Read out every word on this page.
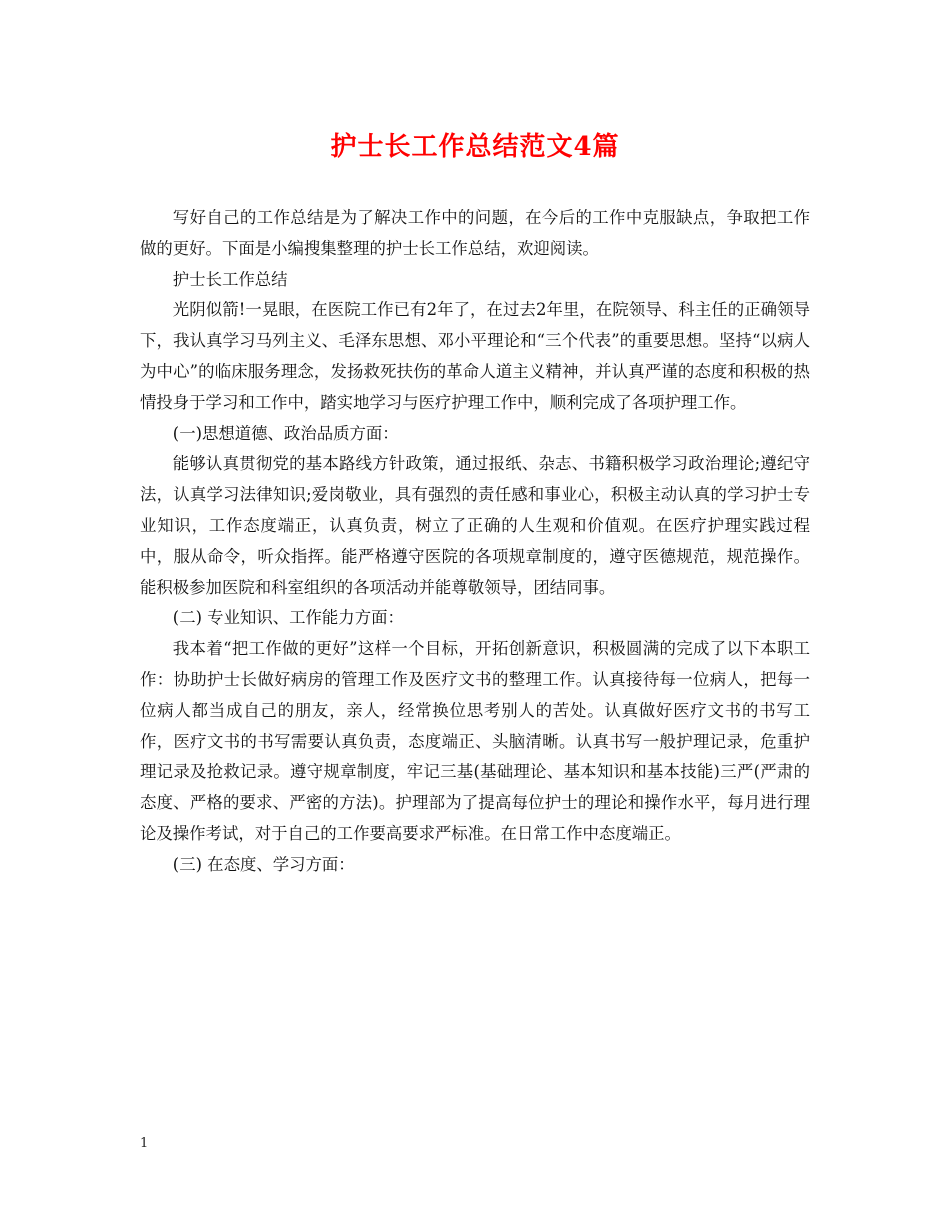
护士长工作总结范文4篇

写好自己的工作总结是为了解决工作中的问题，在今后的工作中克服缺点，争取把工作做的更好。下面是小编搜集整理的护士长工作总结，欢迎阅读。

护士长工作总结

光阴似箭!一晃眼，在医院工作已有2年了，在过去2年里，在院领导、科主任的正确领导下，我认真学习马列主义、毛泽东思想、邓小平理论和“三个代表”的重要思想。坚持“以病人为中心”的临床服务理念，发扬救死扶伤的革命人道主义精神，并认真严谨的态度和积极的热情投身于学习和工作中，踏实地学习与医疗护理工作中，顺利完成了各项护理工作。

(一)思想道德、政治品质方面：

能够认真贯彻党的基本路线方针政策，通过报纸、杂志、书籍积极学习政治理论;遵纪守法，认真学习法律知识;爱岗敬业，具有强烈的责任感和事业心，积极主动认真的学习护士专业知识，工作态度端正，认真负责，树立了正确的人生观和价值观。在医疗护理实践过程中，服从命令，听众指挥。能严格遵守医院的各项规章制度的，遵守医德规范，规范操作。能积极参加医院和科室组织的各项活动并能尊敬领导，团结同事。

(二) 专业知识、工作能力方面：

我本着“把工作做的更好”这样一个目标，开拓创新意识，积极圆满的完成了以下本职工作：协助护士长做好病房的管理工作及医疗文书的整理工作。认真接待每一位病人，把每一位病人都当成自己的朋友，亲人，经常换位思考别人的苦处。认真做好医疗文书的书写工作，医疗文书的书写需要认真负责，态度端正、头脑清晰。认真书写一般护理记录，危重护理记录及抢救记录。遵守规章制度，牢记三基(基础理论、基本知识和基本技能)三严(严肃的态度、严格的要求、严密的方法)。护理部为了提高每位护士的理论和操作水平，每月进行理论及操作考试，对于自己的工作要高要求严标准。在日常工作中态度端正。

(三) 在态度、学习方面：

1
